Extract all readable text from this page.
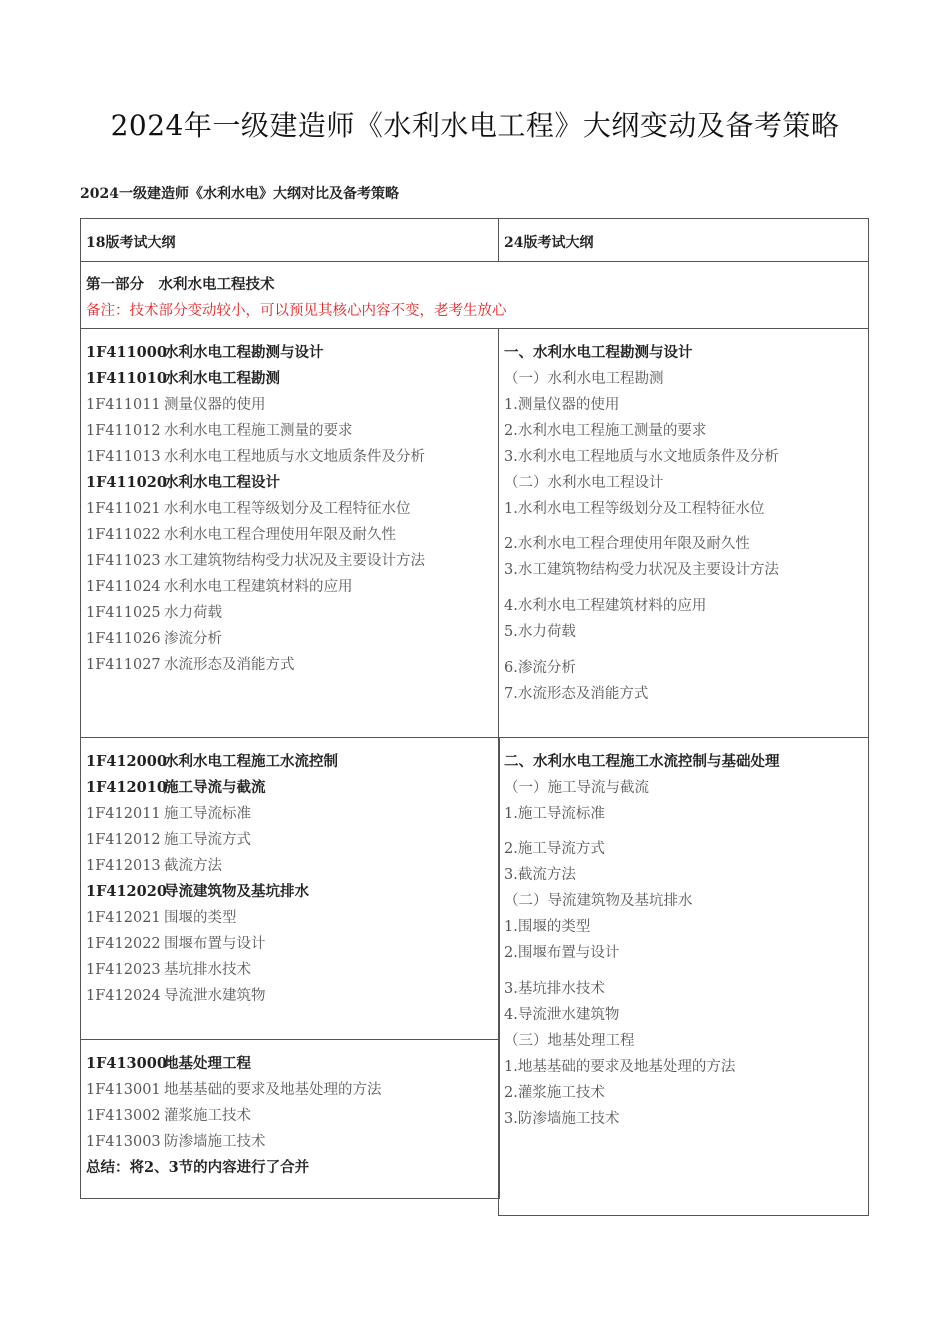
2024年一级建造师《水利水电工程》大纲变动及备考策略
2024一级建造师《水利水电》大纲对比及备考策略
18版考试大纲	24版考试大纲
第一部分　水利水电工程技术
备注：技术部分变动较小，可以预见其核心内容不变，老考生放心
1F411000水利水电工程勘测与设计
1F411010水利水电工程勘测
1F411011 测量仪器的使用
1F411012 水利水电工程施工测量的要求
1F411013 水利水电工程地质与水文地质条件及分析
1F411020水利水电工程设计
1F411021 水利水电工程等级划分及工程特征水位
1F411022 水利水电工程合理使用年限及耐久性
1F411023 水工建筑物结构受力状况及主要设计方法
1F411024 水利水电工程建筑材料的应用
1F411025 水力荷载
1F411026 渗流分析
1F411027 水流形态及消能方式
一、水利水电工程勘测与设计
（一）水利水电工程勘测
1.测量仪器的使用
2.水利水电工程施工测量的要求
3.水利水电工程地质与水文地质条件及分析
（二）水利水电工程设计
1.水利水电工程等级划分及工程特征水位
2.水利水电工程合理使用年限及耐久性
3.水工建筑物结构受力状况及主要设计方法
4.水利水电工程建筑材料的应用
5.水力荷载
6.渗流分析
7.水流形态及消能方式
1F412000水利水电工程施工水流控制
1F412010施工导流与截流
1F412011 施工导流标准
1F412012 施工导流方式
1F412013 截流方法
1F412020导流建筑物及基坑排水
1F412021 围堰的类型
1F412022 围堰布置与设计
1F412023 基坑排水技术
1F412024 导流泄水建筑物
1F413000地基处理工程
1F413001 地基基础的要求及地基处理的方法
1F413002 灌浆施工技术
1F413003 防渗墙施工技术
总结：将2、3节的内容进行了合并
二、水利水电工程施工水流控制与基础处理
（一）施工导流与截流
1.施工导流标准
2.施工导流方式
3.截流方法
（二）导流建筑物及基坑排水
1.围堰的类型
2.围堰布置与设计
3.基坑排水技术
4.导流泄水建筑物
（三）地基处理工程
1.地基基础的要求及地基处理的方法
2.灌浆施工技术
3.防渗墙施工技术
